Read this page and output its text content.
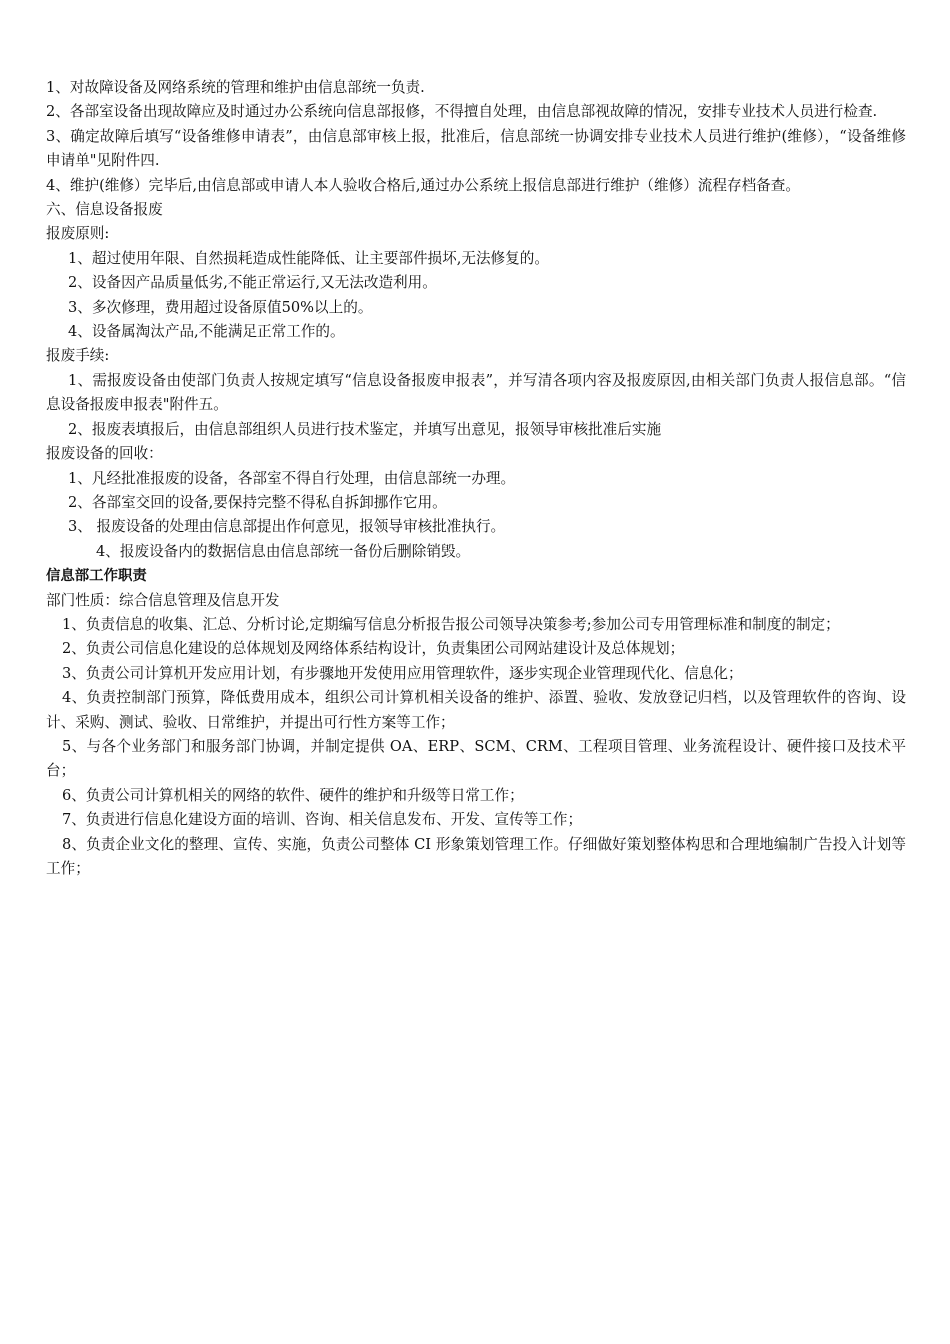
1、对故障设备及网络系统的管理和维护由信息部统一负责.

2、各部室设备出现故障应及时通过办公系统向信息部报修，不得擅自处理，由信息部视故障的情况，安排专业技术人员进行检查.

3、确定故障后填写“设备维修申请表”，由信息部审核上报，批准后，信息部统一协调安排专业技术人员进行维护(维修），“设备维修申请单"见附件四.

4、维护(维修）完毕后,由信息部或申请人本人验收合格后,通过办公系统上报信息部进行维护（维修）流程存档备查。

六、信息设备报废

报废原则:

1、超过使用年限、自然损耗造成性能降低、让主要部件损坏,无法修复的。

2、设备因产品质量低劣,不能正常运行,又无法改造利用。

3、多次修理，费用超过设备原值50%以上的。

4、设备属淘汰产品,不能满足正常工作的。

报废手续:

1、需报废设备由使部门负责人按规定填写“信息设备报废申报表”，并写清各项内容及报废原因,由相关部门负责人报信息部。“信息设备报废申报表"附件五。

2、报废表填报后，由信息部组织人员进行技术鉴定，并填写出意见，报领导审核批准后实施

报废设备的回收：

1、凡经批准报废的设备，各部室不得自行处理，由信息部统一办理。

2、各部室交回的设备,要保持完整不得私自拆卸挪作它用。

3、 报废设备的处理由信息部提出作何意见，报领导审核批准执行。

4、报废设备内的数据信息由信息部统一备份后删除销毁。

信息部工作职责

部门性质：综合信息管理及信息开发

1、负责信息的收集、汇总、分析讨论,定期编写信息分析报告报公司领导决策参考;参加公司专用管理标准和制度的制定；

2、负责公司信息化建设的总体规划及网络体系结构设计，负责集团公司网站建设计及总体规划；

3、负责公司计算机开发应用计划，有步骤地开发使用应用管理软件，逐步实现企业管理现代化、信息化；

4、负责控制部门预算，降低费用成本，组织公司计算机相关设备的维护、添置、验收、发放登记归档，以及管理软件的咨询、设计、采购、测试、验收、日常维护，并提出可行性方案等工作；

5、与各个业务部门和服务部门协调，并制定提供 OA、ERP、SCM、CRM、工程项目管理、业务流程设计、硬件接口及技术平台；

6、负责公司计算机相关的网络的软件、硬件的维护和升级等日常工作；

7、负责进行信息化建设方面的培训、咨询、相关信息发布、开发、宣传等工作；

8、负责企业文化的整理、宣传、实施，负责公司整体 CI 形象策划管理工作。仔细做好策划整体构思和合理地编制广告投入计划等工作；
